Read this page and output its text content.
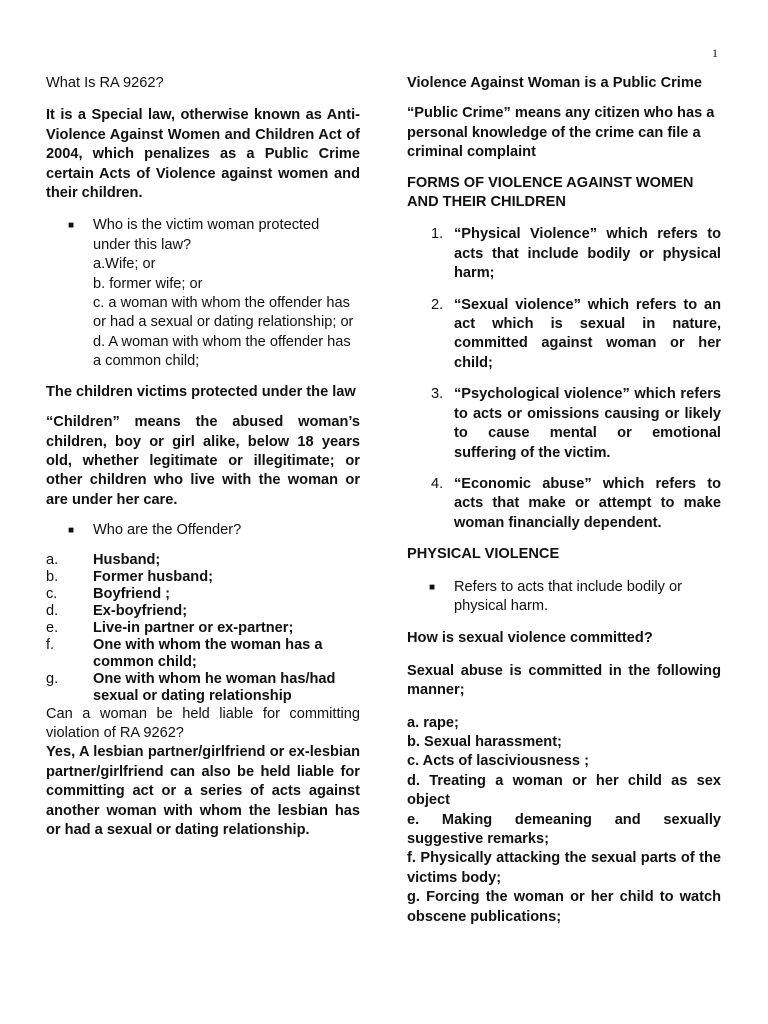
1

What Is RA 9262?

It is a Special law, otherwise known as Anti-Violence Against Women and Children Act of 2004, which penalizes as a Public Crime certain Acts of Violence against women and their children.

■ Who is the victim woman protected under this law?

a.Wife; or

b. former wife; or

c. a woman with whom the offender has or had a sexual or dating relationship; or

d. A woman with whom the offender has a common child;

The children victims protected under the law

“Children” means the abused woman’s children, boy or girl alike, below 18 years old, whether legitimate or illegitimate; or other children who live with the woman or are under her care.

■ Who are the Offender?

a. Husband;
b. Former husband;
c. Boyfriend ;
d. Ex-boyfriend;
e. Live-in partner or ex-partner;
f.	One with whom the woman has a common child;
g. One with whom he woman has/had sexual or dating relationship

Can a woman be held liable for committing violation of RA 9262?

Yes, A lesbian partner/girlfriend or ex-lesbian partner/girlfriend can also be held liable for committing act or a series of acts against another woman with whom the lesbian has or had a sexual or dating relationship.

Violence Against Woman is a Public Crime

“Public Crime” means any citizen who has a personal knowledge of the crime can file a criminal complaint

FORMS OF VIOLENCE AGAINST WOMEN AND THEIR CHILDREN

1. “Physical Violence” which refers to acts that include bodily or physical harm;
2. “Sexual violence” which refers to an act which is sexual in nature, committed against woman or her child;
3. “Psychological violence” which refers to acts or omissions causing or likely to cause mental or emotional suffering of the victim.
4. “Economic abuse” which refers to acts that make or attempt to make woman financially dependent.

PHYSICAL VIOLENCE

■ Refers to acts that include bodily or physical harm.

How is sexual violence committed?

Sexual abuse is committed in the following manner;

a. rape;

b. Sexual harassment;

c. Acts of lasciviousness ;

d. Treating a woman or her child as sex object

e. Making demeaning and sexually suggestive remarks;

f. Physically attacking the sexual parts of the victims body;

g. Forcing the woman or her child to watch obscene publications;
